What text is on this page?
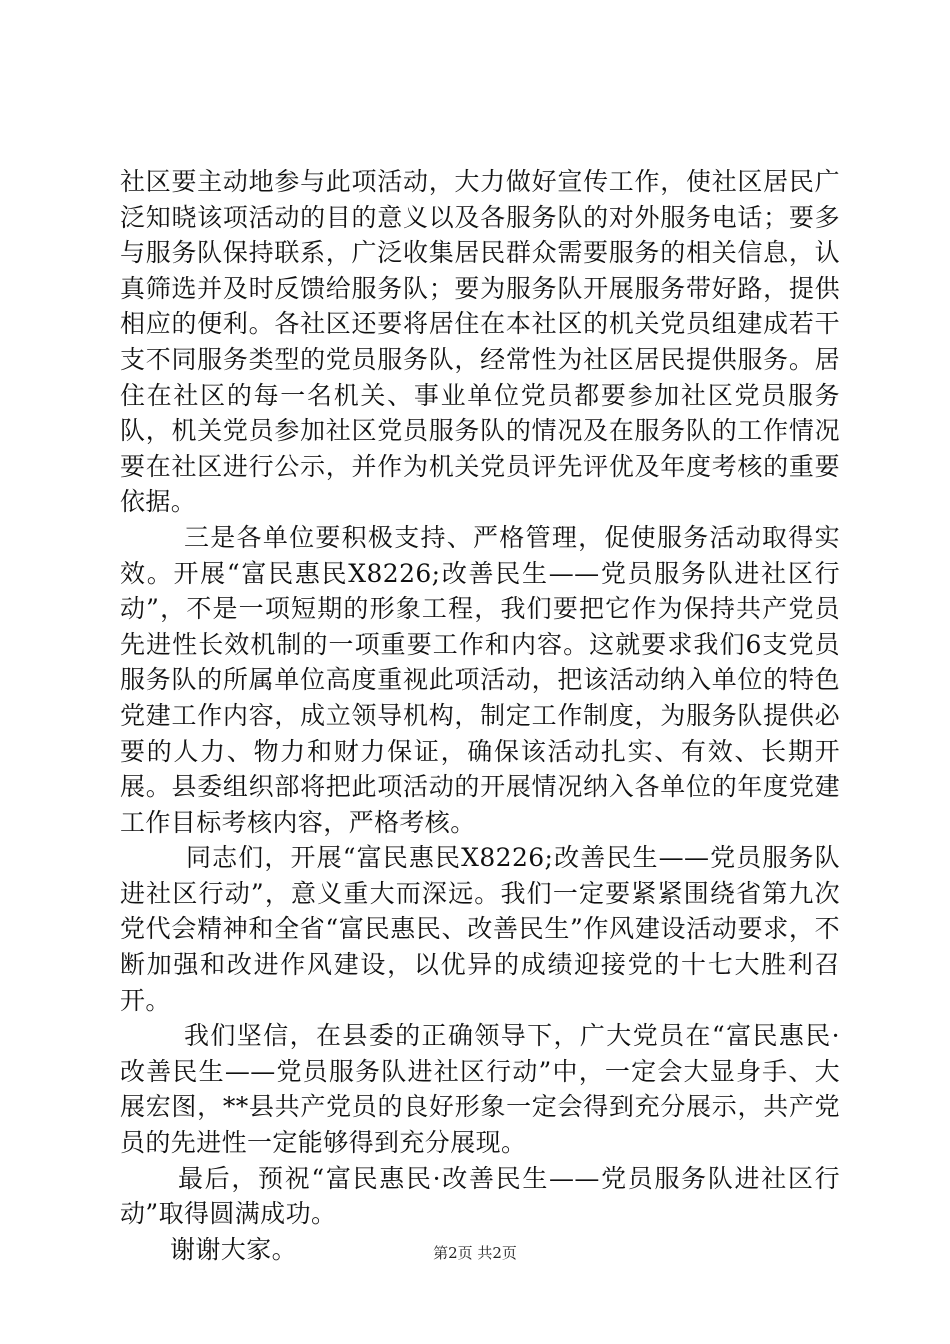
社区要主动地参与此项活动，大力做好宣传工作，使社区居民广泛知晓该项活动的目的意义以及各服务队的对外服务电话；要多与服务队保持联系，广泛收集居民群众需要服务的相关信息，认真筛选并及时反馈给服务队；要为服务队开展服务带好路，提供相应的便利。各社区还要将居住在本社区的机关党员组建成若干支不同服务类型的党员服务队，经常性为社区居民提供服务。居住在社区的每一名机关、事业单位党员都要参加社区党员服务队，机关党员参加社区党员服务队的情况及在服务队的工作情况要在社区进行公示，并作为机关党员评先评优及年度考核的重要依据。

三是各单位要积极支持、严格管理，促使服务活动取得实效。开展“富民惠民X8226;改善民生——党员服务队进社区行动”，不是一项短期的形象工程，我们要把它作为保持共产党员先进性长效机制的一项重要工作和内容。这就要求我们6支党员服务队的所属单位高度重视此项活动，把该活动纳入单位的特色党建工作内容，成立领导机构，制定工作制度，为服务队提供必要的人力、物力和财力保证，确保该活动扎实、有效、长期开展。县委组织部将把此项活动的开展情况纳入各单位的年度党建工作目标考核内容，严格考核。

同志们，开展“富民惠民X8226;改善民生——党员服务队进社区行动”，意义重大而深远。我们一定要紧紧围绕省第九次党代会精神和全省“富民惠民、改善民生”作风建设活动要求，不断加强和改进作风建设，以优异的成绩迎接党的十七大胜利召开。

我们坚信，在县委的正确领导下，广大党员在“富民惠民·改善民生——党员服务队进社区行动”中，一定会大显身手、大展宏图，**县共产党员的良好形象一定会得到充分展示，共产党员的先进性一定能够得到充分展现。

最后，预祝“富民惠民·改善民生——党员服务队进社区行动”取得圆满成功。

谢谢大家。	第2页 共2页
